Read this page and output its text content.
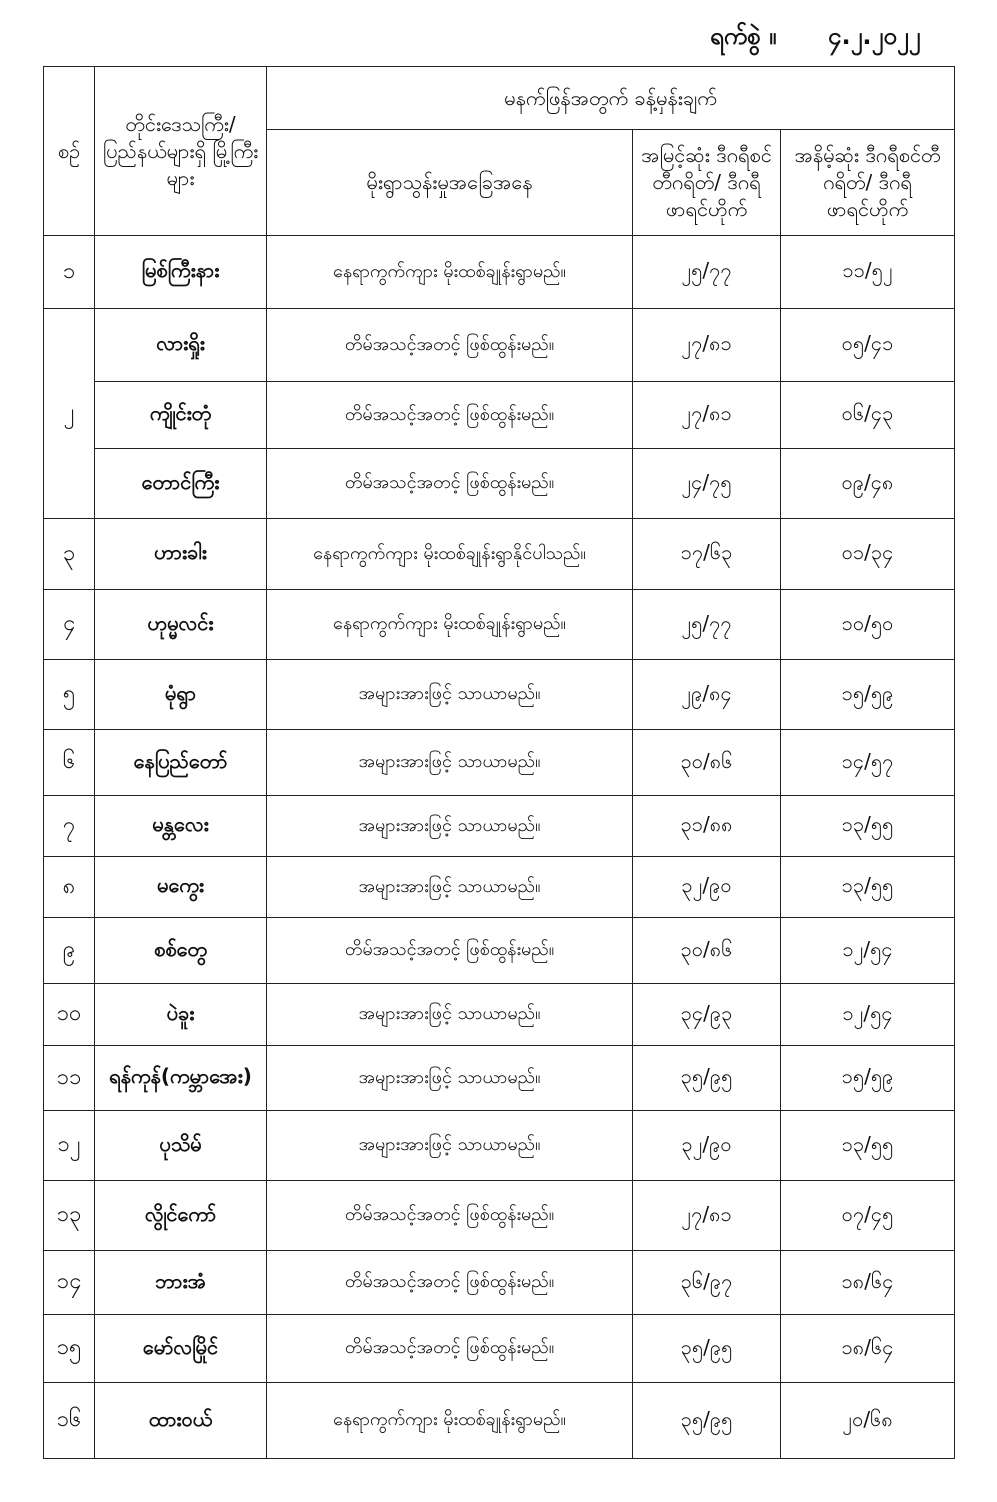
ရက်စွဲ ။ ၄.၂.၂၀၂၂
စဉ်	တိုင်းဒေသကြီး/ ပြည်နယ်များရှိ မြို့ကြီးများ	မနက်ဖြန်အတွက် ခန့်မှန်းချက်		
		မိုးရွာသွန်းမှုအခြေအနေ	အမြင့်ဆုံး ဒီဂရီစင်တီဂရိတ်/ ဒီဂရီဖာရင်ဟိုက်	အနိမ့်ဆုံး ဒီဂရီစင်တီဂရိတ်/ ဒီဂရီဖာရင်ဟိုက်
၁	မြစ်ကြီးနား	နေရာကွက်ကျား မိုးထစ်ချုန်းရွာမည်။	၂၅/၇၇	၁၁/၅၂
၂	လားရှိုး	တိမ်အသင့်အတင့် ဖြစ်ထွန်းမည်။	၂၇/၈၁	၀၅/၄၁
	ကျိုင်းတုံ	တိမ်အသင့်အတင့် ဖြစ်ထွန်းမည်။	၂၇/၈၁	၀၆/၄၃
	တောင်ကြီး	တိမ်အသင့်အတင့် ဖြစ်ထွန်းမည်။	၂၄/၇၅	၀၉/၄၈
၃	ဟားခါး	နေရာကွက်ကျား မိုးထစ်ချုန်းရွာနိုင်ပါသည်။	၁၇/၆၃	၀၁/၃၄
၄	ဟုမ္မလင်း	နေရာကွက်ကျား မိုးထစ်ချုန်းရွာမည်။	၂၅/၇၇	၁၀/၅၀
၅	မုံရွာ	အများအားဖြင့် သာယာမည်။	၂၉/၈၄	၁၅/၅၉
၆	နေပြည်တော်	အများအားဖြင့် သာယာမည်။	၃၀/၈၆	၁၄/၅၇
၇	မန္တလေး	အများအားဖြင့် သာယာမည်။	၃၁/၈၈	၁၃/၅၅
၈	မကွေး	အများအားဖြင့် သာယာမည်။	၃၂/၉၀	၁၃/၅၅
၉	စစ်တွေ	တိမ်အသင့်အတင့် ဖြစ်ထွန်းမည်။	၃၀/၈၆	၁၂/၅၄
၁၀	ပဲခူး	အများအားဖြင့် သာယာမည်။	၃၄/၉၃	၁၂/၅၄
၁၁	ရန်ကုန်(ကမ္ဘာအေး)	အများအားဖြင့် သာယာမည်။	၃၅/၉၅	၁၅/၅၉
၁၂	ပုသိမ်	အများအားဖြင့် သာယာမည်။	၃၂/၉၀	၁၃/၅၅
၁၃	လွိုင်ကော်	တိမ်အသင့်အတင့် ဖြစ်ထွန်းမည်။	၂၇/၈၁	၀၇/၄၅
၁၄	ဘားအံ	တိမ်အသင့်အတင့် ဖြစ်ထွန်းမည်။	၃၆/၉၇	၁၈/၆၄
၁၅	မော်လမြိုင်	တိမ်အသင့်အတင့် ဖြစ်ထွန်းမည်။	၃၅/၉၅	၁၈/၆၄
၁၆	ထားဝယ်	နေရာကွက်ကျား မိုးထစ်ချုန်းရွာမည်။	၃၅/၉၅	၂၀/၆၈
